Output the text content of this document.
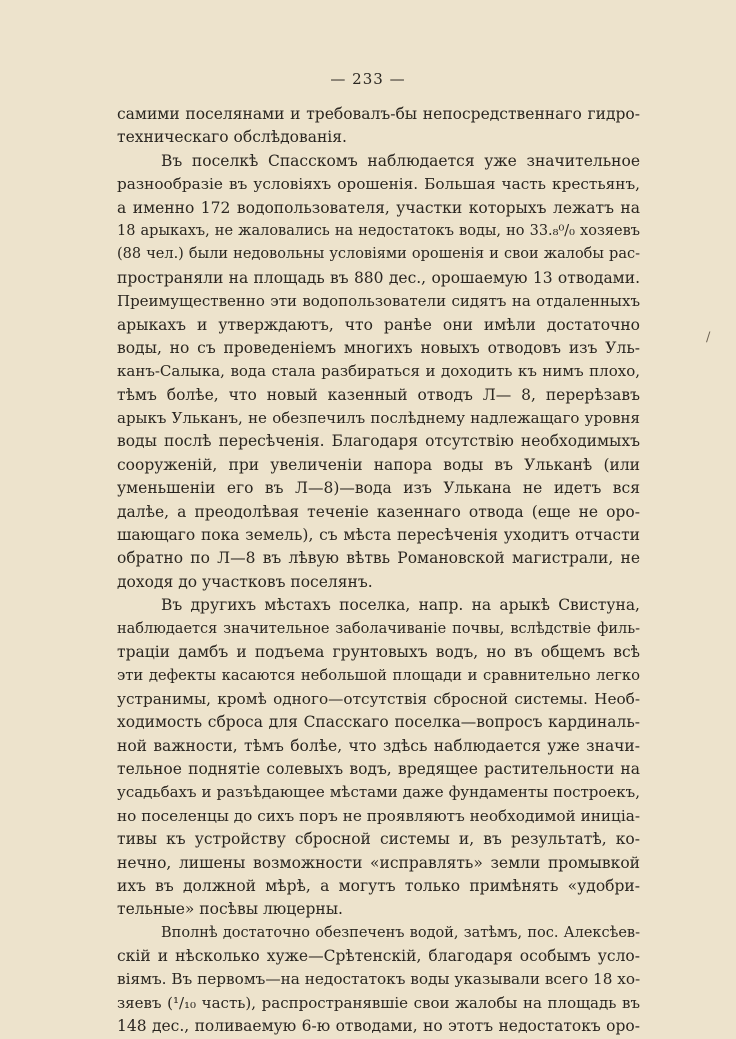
— 233 —
самими поселянами и требовалъ-бы непосредственнаго гидро-
техническаго обслѣдованія.
Въ поселкѣ Спасскомъ наблюдается уже значительное
разнообразіе въ условіяхъ орошенія. Большая часть крестьянъ,
а именно 172 водопользователя, участки которыхъ лежатъ на
18 арыкахъ, не жаловались на недостатокъ воды, но 33.₈⁰/₀ хозяевъ
(88 чел.) были недовольны условіями орошенія и свои жалобы рас-
пространяли на площадь въ 880 дес., орошаемую 13 отводами.
Преимущественно эти водопользователи сидятъ на отдаленныхъ
арыкахъ и утверждаютъ, что ранѣе они имѣли достаточно
воды, но съ проведеніемъ многихъ новыхъ отводовъ изъ Уль-
канъ-Салыка, вода стала разбираться и доходить къ нимъ плохо,
тѣмъ болѣе, что новый казенный отводъ Л— 8, перерѣзавъ
арыкъ Ульканъ, не обезпечилъ послѣднему надлежащаго уровня
воды послѣ пересѣченія. Благодаря отсутствію необходимыхъ
сооруженій, при увеличеніи напора воды въ Ульканѣ (или
уменьшеніи его въ Л—8)—вода изъ Улькана не идетъ вся
далѣе, а преодолѣвая теченіе казеннаго отвода (еще не оро-
шающаго пока земель), съ мѣста пересѣченія уходитъ отчасти
обратно по Л—8 въ лѣвую вѣтвь Романовской магистрали, не
доходя до участковъ поселянъ.
Въ другихъ мѣстахъ поселка, напр. на арыкѣ Свистуна,
наблюдается значительное заболачиваніе почвы, вслѣдствіе филь-
траціи дамбъ и подъема грунтовыхъ водъ, но въ общемъ всѣ
эти дефекты касаются небольшой площади и сравнительно легко
устранимы, кромѣ одного—отсутствія сбросной системы. Необ-
ходимость сброса для Спасскаго поселка—вопросъ кардиналь-
ной важности, тѣмъ болѣе, что здѣсь наблюдается уже значи-
тельное поднятіе солевыхъ водъ, вредящее растительности на
усадьбахъ и разъѣдающее мѣстами даже фундаменты построекъ,
но поселенцы до сихъ поръ не проявляютъ необходимой иниціа-
тивы къ устройству сбросной системы и, въ результатѣ, ко-
нечно, лишены возможности «исправлять» земли промывкой
ихъ въ должной мѣрѣ, а могутъ только примѣнять «удобри-
тельные» посѣвы люцерны.
Вполнѣ достаточно обезпеченъ водой, затѣмъ, пос. Алексѣев-
скій и нѣсколько хуже—Срѣтенскій, благодаря особымъ усло-
віямъ. Въ первомъ—на недостатокъ воды указывали всего 18 хо-
зяевъ (¹/₁₀ часть), распространявшіе свои жалобы на площадь въ
148 дес., поливаемую 6-ю отводами, но этотъ недостатокъ оро-
/
